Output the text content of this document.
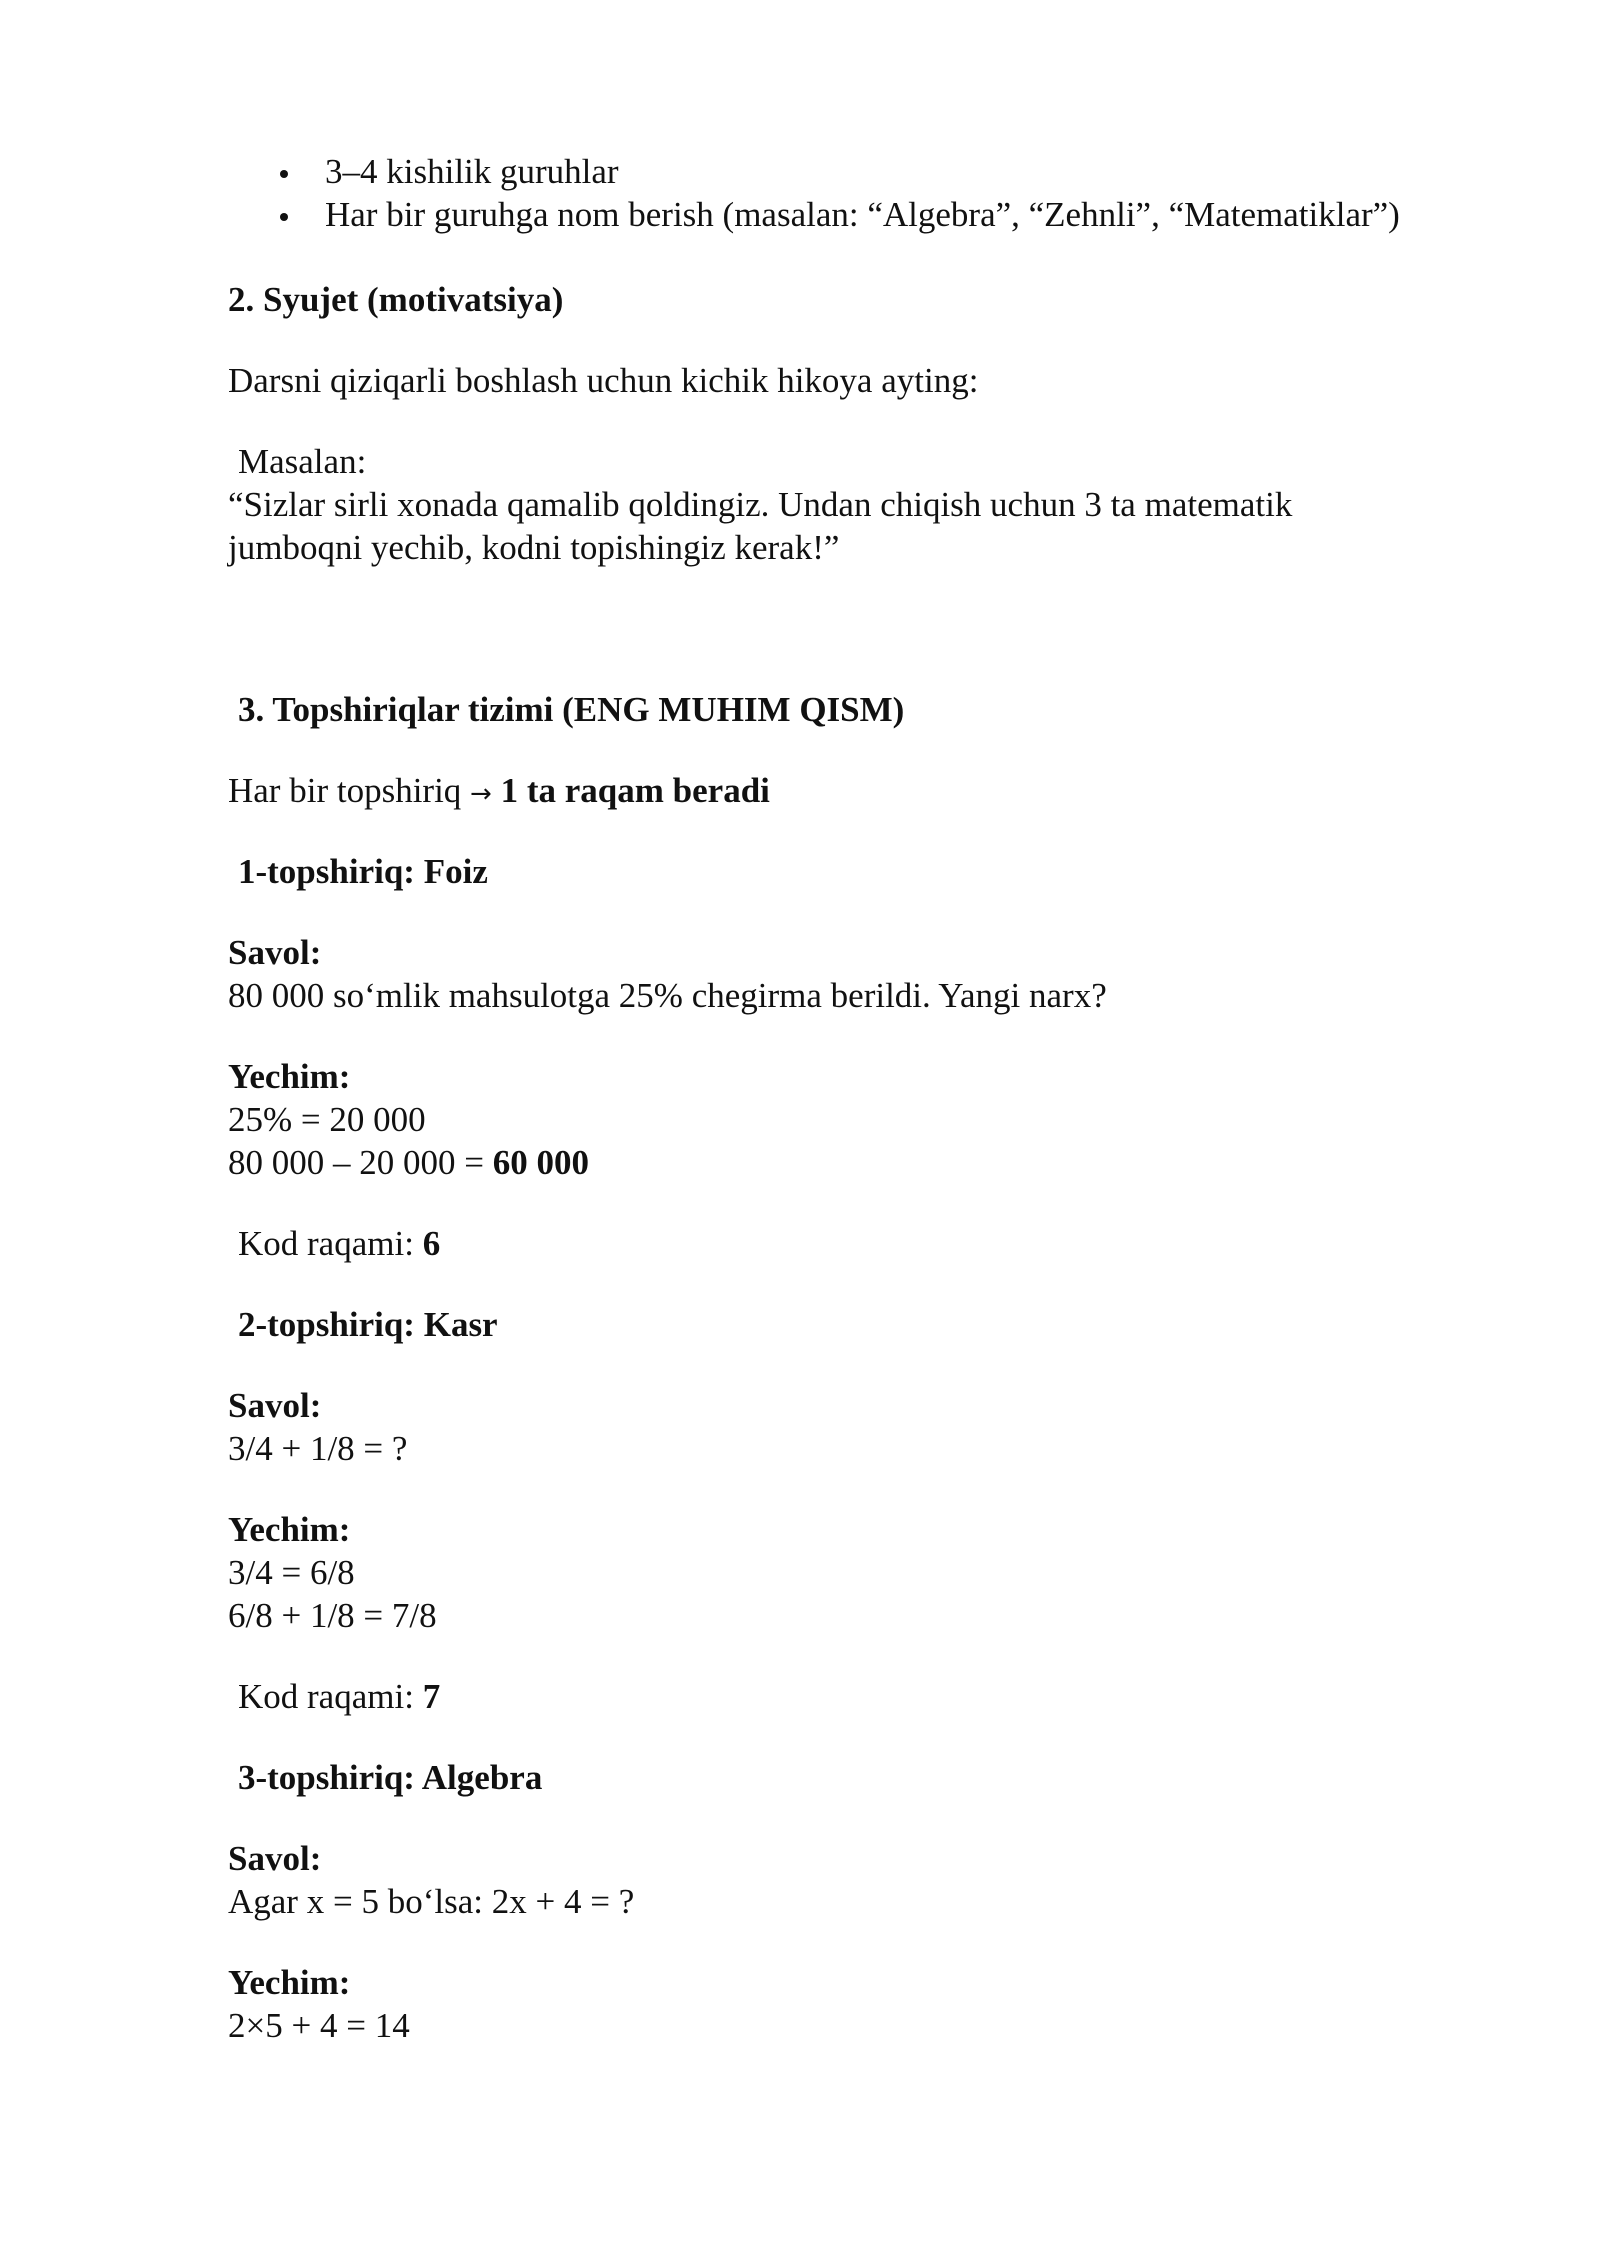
3–4 kishilik guruhlar
Har bir guruhga nom berish (masalan: “Algebra”, “Zehnli”, “Matematiklar”)
2. Syujet (motivatsiya)
Darsni qiziqarli boshlash uchun kichik hikoya ayting:
Masalan:
“Sizlar sirli xonada qamalib qoldingiz. Undan chiqish uchun 3 ta matematik
jumboqni yechib, kodni topishingiz kerak!”
3. Topshiriqlar tizimi (ENG MUHIM QISM)
Har bir topshiriq → 1 ta raqam beradi
1-topshiriq: Foiz
Savol:
80 000 so‘mlik mahsulotga 25% chegirma berildi. Yangi narx?
Yechim:
25% = 20 000
80 000 – 20 000 = 60 000
Kod raqami: 6
2-topshiriq: Kasr
Savol:
3/4 + 1/8 = ?
Yechim:
3/4 = 6/8
6/8 + 1/8 = 7/8
Kod raqami: 7
3-topshiriq: Algebra
Savol:
Agar x = 5 bo‘lsa: 2x + 4 = ?
Yechim:
2×5 + 4 = 14
